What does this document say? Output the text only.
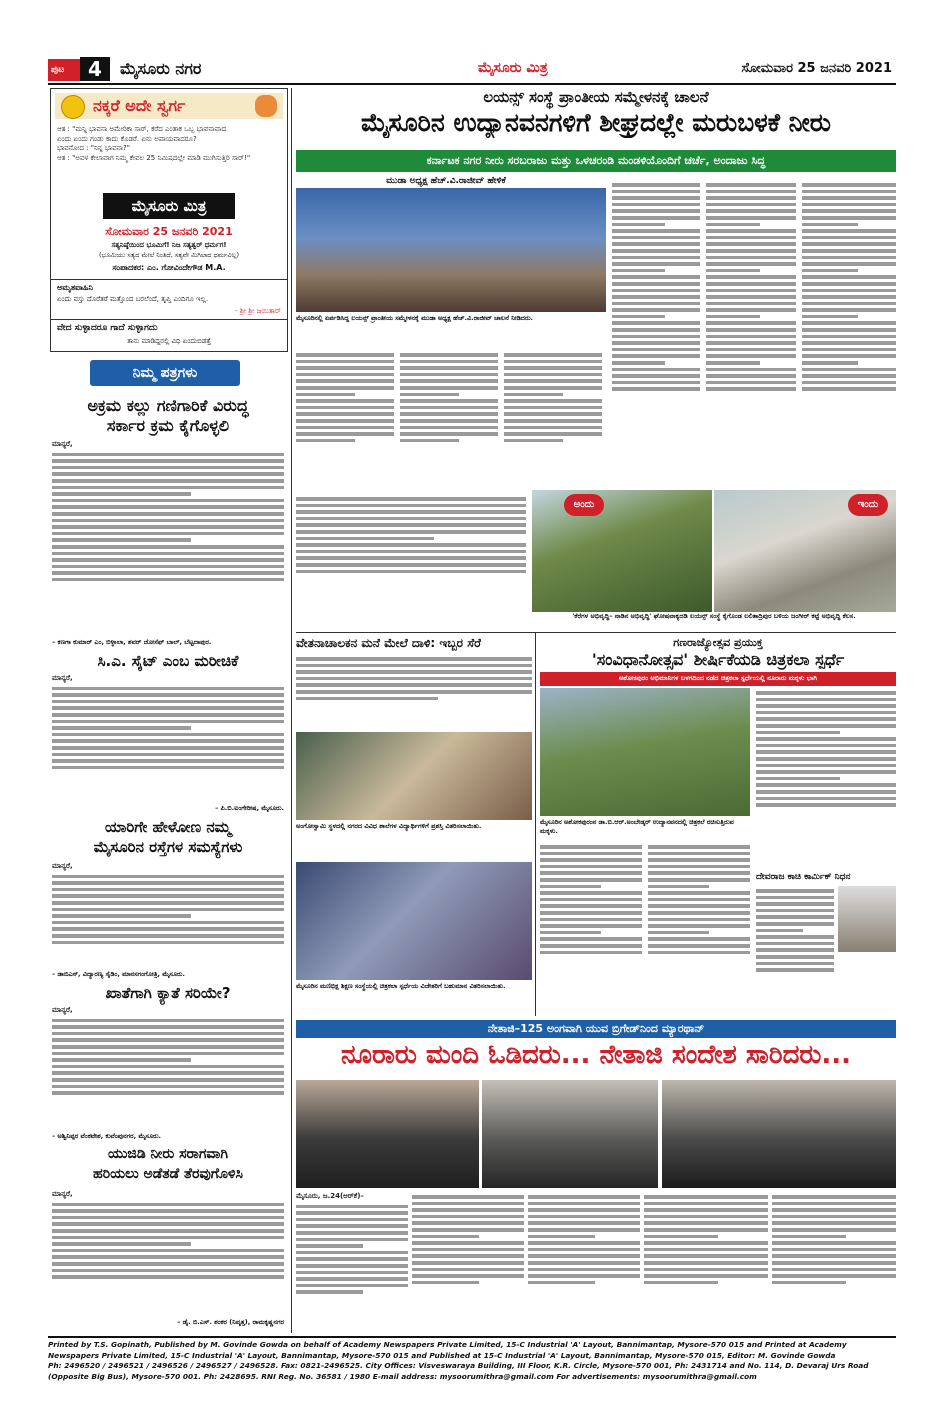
ಪುಟ	4	ಮೈಸೂರು ನಗರ	ಮೈಸೂರು ಮಿತ್ರ	ಸೋಮವಾರ 25 ಜನವರಿ 2021
ನಕ್ಕರೆ ಅದೇ ಸ್ವರ್ಗ
ಆತ : "ಮನ್ನಿ ಭಾವನಾ ಅಮೇರಿಕಾ ಸಾರ್, ಕರೆದ ಎಂತಾಕ ಒಬ್ಬ ಭಾವನಾವಾದ
ಏಂದು ಏಂದು ಗಂಡು ಕಾದು ಕೊಡರೆ. ಏನು ಅಪಾಯವಾದರೂ?
ಭಾವನೋದ : "ನಿನ್ನ ಭಾವನಾ?"
ಆತ : "ಅವಳ ಕೇಲಾವಾಗ ನಿಮ್ಮ ಕೇವಲ 25 ನಿಮಿಷದಲ್ಲೇ ಮಾಡಿ ಮುಗಿಸುತ್ತಿರಿ ಸಾರ್!"
ಮೈಸೂರು ಮಿತ್ರ
ಸೋಮವಾರ 25 ಜನವರಿ 2021
ಸತ್ಯನಿಷ್ಠೆಯಿಂದ ಭೂಮಿಗೆ! ನಿಜ ಸತ್ಯತ್ವರ್ ಧರ್ಮಗ!
(ಭೂಮಿಯು ಸತ್ಯದ ಮೇಲೆ ನಿಂತಿದೆ, ಸತ್ಯವೇ ಮಿಗಿಲಾದ ಧರ್ಮವಿಲ್ಲ)
ಸಂಪಾದಕರ: ಎಂ. ಗೋವಿಂದೇಗೌಡ M.A.
ಅಮೃತವಾಹಿನಿ
ಏಂದು ವಸ್ತು ದೊರೆತರೆ ಮತ್ತೊಂದ ಬರಲೆಂದೆ, ತೃಪ್ತಿ ಎಂದಿಗೂ ಇಲ್ಲ.
- ಶ್ರೀ ಶ್ರೀ ಜಯಿತಾರ್
ವೇದ ಸುಳ್ಳಾದರೂ ಗಾದೆ ಸುಳ್ಳಾಗದು
ತಾನು ಮಾಡಿದ್ದರಲ್ಲಿ ವಿಧಿ ಏಂದುಬಿಡತ್ತೆ
ನಿಮ್ಮ ಪತ್ರಗಳು
ಅಕ್ರಮ ಕಲ್ಲು ಗಣಿಗಾರಿಕೆ ವಿರುದ್ಧ
ಸರ್ಕಾರ ಕ್ರಮ ಕೈಗೊಳ್ಳಲಿ
ಮಾನ್ಯರೆ,
– ಕಣಗಾ ಕುಮಾರ್ ಎಂ, ಬಿಳ್ಳಾಲಾ, ಶವರ್ ಜೋಸೆಫ್ ಬಾಲ್, ಬೆಟ್ಟದಾಪುರ.
ಸಿ.ಎ. ಸೈಟ್ ಎಂಬ ಮರೀಚಿಕೆ
ಮಾನ್ಯರೆ,
– ಪಿ.ಬಿ.ಐಂಗೇರೀಷ, ಮೈಸೂರು.
ಯಾರಿಗೇ ಹೇಳೋಣ ನಮ್ಮ
ಮೈಸೂರಿನ ರಸ್ತೆಗಳ ಸಮಸ್ಯೆಗಳು
ಮಾನ್ಯರೆ,
– ಡಾಬಿಎಸ್, ವಿದ್ಯಾರಣ್ಯ ಸೈಡಿಂ, ಮಾನಸಗಂಗೋತ್ರಿ, ಮೈಸೂರು.
ಖಾತೆಗಾಗಿ ಕ್ಯಾತೆ ಸರಿಯೇ?
ಮಾನ್ಯರೆ,
– ಅಶ್ವಿನಿಪ್ಪರ ವೆಂಕಟೇಶ, ಕುವೆಂಪುನಗರ, ಮೈಸೂರು.
ಯುಜಿಡಿ ನೀರು ಸರಾಗವಾಗಿ
ಹರಿಯಲು ಅಡೆತಡೆ ತೆರವುಗೊಳಿಸಿ
ಮಾನ್ಯರೆ,
– ಡೈ. ಬಿ.ಎಸ್. ಶಂಕರ (ನಿವೃತ್ತ), ರಾಮಕೃಷ್ಣನಗರ
ಲಯನ್ಸ್ ಸಂಸ್ಥೆ ಪ್ರಾಂತೀಯ ಸಮ್ಮೇಳನಕ್ಕೆ ಚಾಲನೆ
ಮೈಸೂರಿನ ಉದ್ಯಾನವನಗಳಿಗೆ ಶೀಘ್ರದಲ್ಲೇ ಮರುಬಳಕೆ ನೀರು
ಕರ್ನಾಟಕ ನಗರ ನೀರು ಸರಬರಾಜು ಮತ್ತು ಒಳಚರಂಡಿ ಮಂಡಳಿಯೊಂದಿಗೆ ಚರ್ಚೆ, ಅಂದಾಜು ಸಿದ್ಧ
ಮುಡಾ ಅಧ್ಯಕ್ಷ ಹೆಚ್.ವಿ.ರಾಜೀವ್ ಹೇಳಿಕೆ
ಮೈಸೂರಿನಲ್ಲಿ ಏರ್ಪಡಿಸಿದ್ದ ಲಯನ್ಸ್ ಪ್ರಾಂತೀಯ ಸಮ್ಮೇಳನಕ್ಕೆ ಮುಡಾ ಅಧ್ಯಕ್ಷ ಹೆಚ್.ವಿ.ರಾಜೀವ್ ಚಾಲನೆ ನೀಡಿದರು.
ಅಂದು	ಇಂದು
'ಕೆರೆಗಳ ಅಭಿವೃದ್ಧಿ– ನಾಡಿನ ಅಭಿವೃದ್ಧಿ' ಘೋಷವಾಕ್ಯದಡಿ ಲಯನ್ಸ್ ಸಂಸ್ಥೆ ಕೈಗೊಂಡ ಲಲಿತಾದ್ರಿಪುರ ಬಳಿಯ ಜಂಗೀರ್ ಕಟ್ಟೆ ಅಭಿವೃದ್ಧಿ ಕೆಲಸ.
ವೇತನಾಚಾಲಕನ ಮನೆ ಮೇಲೆ ದಾಳಿ: ಇಬ್ಬರ ಸೆರೆ
ಅಂಗೋಸ್ವಾಮಿ ಸ್ಥಳದಲ್ಲಿ ನಗರದ ವಿವಿಧ ಶಾಲೆಗಳ ವಿದ್ಯಾರ್ಥಿಗಳಿಗೆ ಪ್ರಶಸ್ತಿ ವಿತರಿಸಲಾಯಿತು.
ಮೈಸೂರಿನ ಮಣಿಭಿಕ್ಷ ಶಿಕ್ಷಣ ಸಂಸ್ಥೆಯಲ್ಲಿ ಚಿತ್ರಕಲಾ ಸ್ಪರ್ಧೆಯ ವಿಜೇತರಿಗೆ ಬಹುಮಾನ ವಿತರಿಸಲಾಯಿತು.
ಗಣರಾಜ್ಯೋತ್ಸವ ಪ್ರಯುಕ್ತ
'ಸಂವಿಧಾನೋತ್ಸವ' ಶೀರ್ಷಿಕೆಯಡಿ ಚಿತ್ರಕಲಾ ಸ್ಪರ್ಧೆ
ಅಶೋಕಪುರಂ ಅಭಿಮಾನಿಗಳ ಬಳಗದಿಂದ ನಡೆದ ಚಿತ್ರಕಲಾ ಸ್ಪರ್ಧೆಯಲ್ಲಿ ನೂರಾರು ಮಕ್ಕಳು ಭಾಗಿ
ಮೈಸೂರಿನ ಅಶೋಕಪುರಂನ ಡಾ.ಬಿ.ಆರ್.ಅಂಬೇಡ್ಕರ್ ಉದ್ಯಾನವನದಲ್ಲಿ ಚಿತ್ರಕಲೆ ರಚಿಸುತ್ತಿರುವ ಮಕ್ಕಳು.
ದೇವರಾಜ ಕಾಚಿ ಕಾರ್ಮಿಕ್ ನಿಧನ
ನೇತಾಜಿ–125 ಅಂಗವಾಗಿ ಯುವ ಬ್ರಿಗೇಡ್‌ನಿಂದ ಮ್ಯಾರಥಾನ್
ನೂರಾರು ಮಂದಿ ಓಡಿದರು... ನೇತಾಜಿ ಸಂದೇಶ ಸಾರಿದರು...
ಮೈಸೂರು, ಜ.24(ಆರ್‌ಕೆ)–
Printed by T.S. Gopinath, Published by M. Govinde Gowda on behalf of Academy Newspapers Private Limited, 15-C Industrial 'A' Layout, Bannimantap, Mysore-570 015 and Printed at Academy
Newspapers Private Limited, 15-C Industrial 'A' Layout, Bannimantap, Mysore-570 015 and Published at 15-C Industrial 'A' Layout, Bannimantap, Mysore-570 015, Editor: M. Govinde Gowda
Ph: 2496520 / 2496521 / 2496526 / 2496527 / 2496528. Fax: 0821-2496525. City Offices: Visveswaraya Building, III Floor, K.R. Circle, Mysore-570 001, Ph: 2431714 and No. 114, D. Devaraj Urs Road
(Opposite Big Bus), Mysore-570 001. Ph: 2428695. RNI Reg. No. 36581 / 1980 E-mail address: mysoorumithra@gmail.com For advertisements: mysoorumithra@gmail.com
